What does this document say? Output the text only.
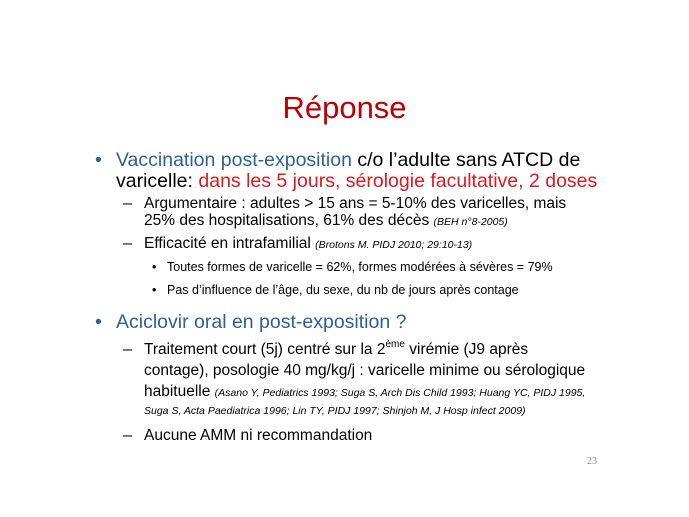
Réponse
• Vaccination post-exposition c/o l’adulte sans ATCD de
varicelle: dans les 5 jours, sérologie facultative, 2 doses
– Argumentaire : adultes > 15 ans = 5-10% des varicelles, mais
25% des hospitalisations, 61% des décès (BEH n°8-2005)
– Efficacité en intrafamilial (Brotons M. PIDJ 2010; 29:10-13)
• Toutes formes de varicelle = 62%, formes modérées à sévères = 79%
• Pas d’influence de l’âge, du sexe, du nb de jours après contage
• Aciclovir oral en post-exposition ?
– Traitement court (5j) centré sur la 2ème virémie (J9 après
contage), posologie 40 mg/kg/j : varicelle minime ou sérologique
habituelle (Asano Y, Pediatrics 1993; Suga S, Arch Dis Child 1993; Huang YC, PIDJ 1995,
Suga S, Acta Paediatrica 1996; Lin TY, PIDJ 1997; Shinjoh M, J Hosp infect 2009)
– Aucune AMM ni recommandation
23
